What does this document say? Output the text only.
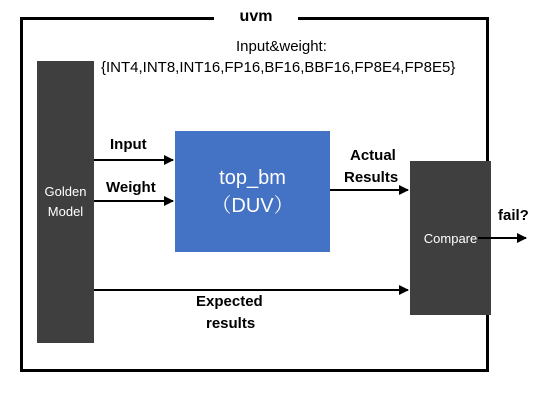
uvm
Input&weight:
{INT4,INT8,INT16,FP16,BF16,BBF16,FP8E4,FP8E5}
Golden
Model
top_bm
（DUV）
Compare
Input
Weight
Actual
Results
Expected
results
fail?
